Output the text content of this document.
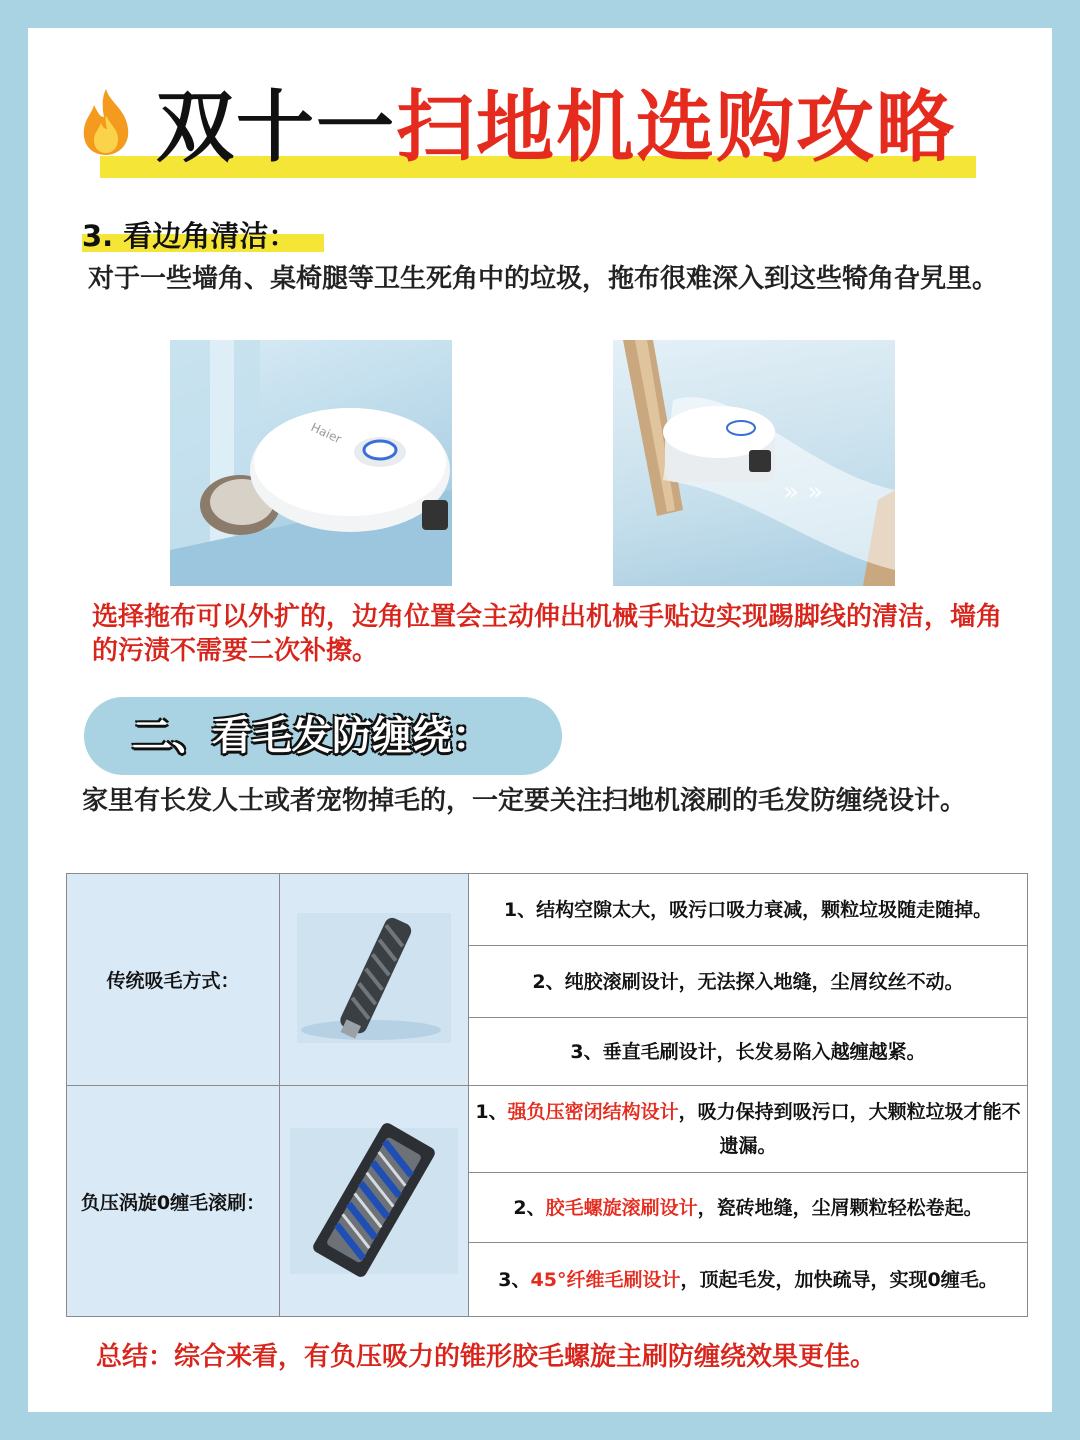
双十一 扫地机选购攻略
3. 看边角清洁：
对于一些墙角、桌椅腿等卫生死角中的垃圾，拖布很难深入到这些犄角旮旯里。
Haier
» »
选择拖布可以外扩的，边角位置会主动伸出机械手贴边实现踢脚线的清洁，墙角的污渍不需要二次补擦。
二、看毛发防缠绕：
家里有长发人士或者宠物掉毛的，一定要关注扫地机滚刷的毛发防缠绕设计。
传统吸毛方式：		1、结构空隙太大，吸污口吸力衰减，颗粒垃圾随走随掉。
		2、纯胶滚刷设计，无法探入地缝，尘屑纹丝不动。
		3、垂直毛刷设计，长发易陷入越缠越紧。
负压涡旋0缠毛滚刷：		1、强负压密闭结构设计，吸力保持到吸污口，大颗粒垃圾才能不遗漏。
		2、胶毛螺旋滚刷设计，瓷砖地缝，尘屑颗粒轻松卷起。
		3、45°纤维毛刷设计，顶起毛发，加快疏导，实现0缠毛。
总结：综合来看，有负压吸力的锥形胶毛螺旋主刷防缠绕效果更佳。
